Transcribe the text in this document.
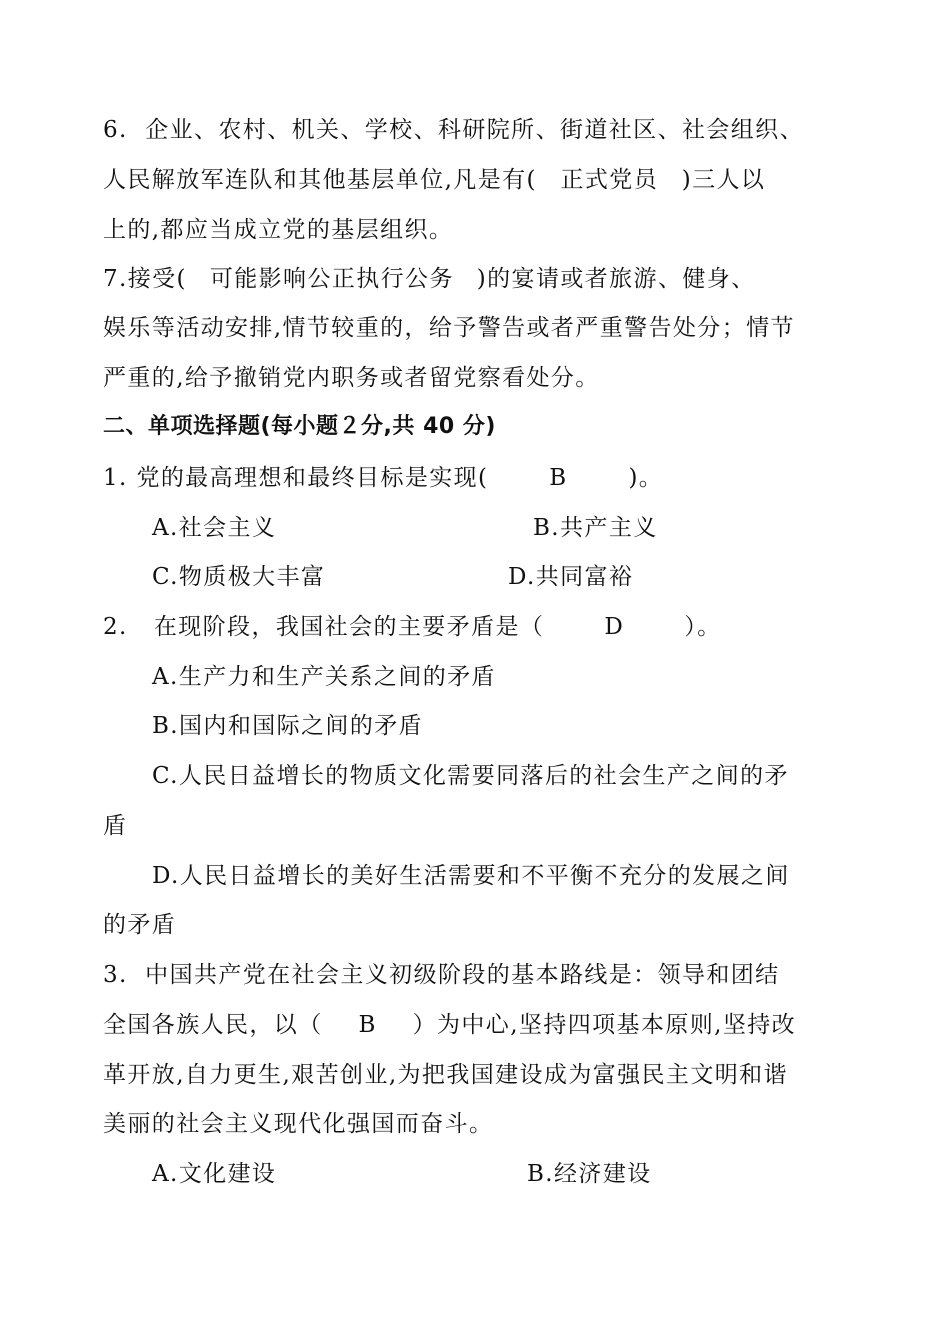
6.  企业、农村、机关、学校、科研院所、街道社区、社会组织、
人民解放军连队和其他基层单位,凡是有(  正式党员  )三人以
上的,都应当成立党的基层组织。
7.接受(  可能影响公正执行公务  )的宴请或者旅游、健身、
娱乐等活动安排,情节较重的，给予警告或者严重警告处分；情节
严重的,给予撤销党内职务或者留党察看处分。
二、单项选择题(每小题２分,共 40 分)
1. 党的最高理想和最终目标是实现(	B	)。
A.社会主义	B.共产主义
C.物质极大丰富	D.共同富裕
2.   在现阶段，我国社会的主要矛盾是（	D	）。
A.生产力和生产关系之间的矛盾
B.国内和国际之间的矛盾
C.人民日益增长的物质文化需要同落后的社会生产之间的矛
盾
D.人民日益增长的美好生活需要和不平衡不充分的发展之间
的矛盾
3.  中国共产党在社会主义初级阶段的基本路线是：领导和团结
全国各族人民，以（ B ）为中心,坚持四项基本原则,坚持改
革开放,自力更生,艰苦创业,为把我国建设成为富强民主文明和谐
美丽的社会主义现代化强国而奋斗。
A.文化建设	B.经济建设
